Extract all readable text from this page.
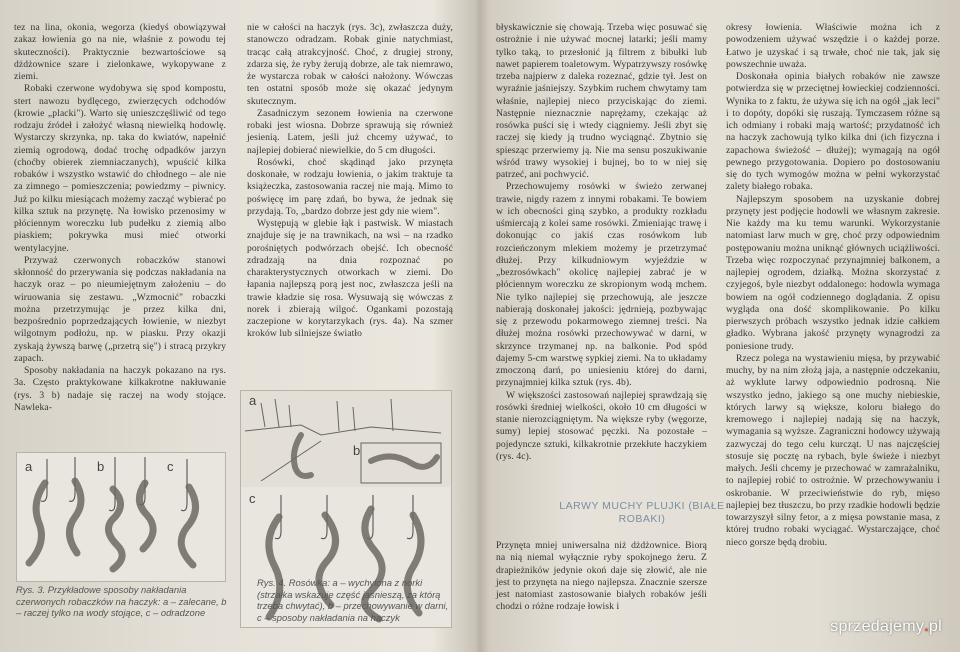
tez na lina, okonia, wegorza (kiedyś obowiązywał zakaz łowienia go na nie, właśnie z powodu tej skuteczności). Praktycznie bezwartościowe są dżdżownice szare i zielonkawe, wykopywane z ziemi.

Robaki czerwone wydobywa się spod kompostu, stert nawozu bydlęcego, zwierzęcych odchodów (krowie „placki"). Warto się unieszczęśliwić od tego rodzaju źródeł i założyć własną niewielką hodowlę. Wystarczy skrzynka, np. taka do kwiatów, napełnić ziemią ogrodową, dodać trochę odpadków jarzyn (choćby obierek ziemniaczanych), wpuścić kilka robaków i wszystko wstawić do chłodnego – ale nie za zimnego – pomieszczenia; powiedzmy – piwnicy. Już po kilku miesiącach możemy zacząć wybierać po kilka sztuk na przynętę. Na łowisko przenosimy w płóciennym woreczku lub pudełku z ziemią albo piaskiem; pokrywka musi mieć otworki wentylacyjne.

Przyważ czerwonych robaczków stanowi skłonność do przerywania się podczas nakładania na haczyk oraz – po nieumiejętnym założeniu – do wiruowania się zestawu. „Wzmocnić" robaczki można przetrzymując je przez kilka dni, bezpośrednio poprzedzających łowienie, w niezbyt wilgotnym podłożu, np. w piasku. Przy okazji zyskają żywszą barwę („przetrą się") i stracą przykry zapach.

Sposoby nakładania na haczyk pokazano na rys. 3a. Często praktykowane kilkakrotne nakłuwanie (rys. 3 b) nadaje się raczej na wody stojące. Nawleka-

a	b	c
Rys. 3. Przykładowe sposoby nakładania czerwonych robaczków na haczyk: a – zalecane, b – raczej tylko na wody stojące, c – odradzone

nie w całości na haczyk (rys. 3c), zwłaszcza duży, stanowczo odradzam. Robak ginie natychmiast, tracąc całą atrakcyjność. Choć, z drugiej strony, zdarza się, że ryby żerują dobrze, ale tak niemrawo, że wystarcza robak w całości nałożony. Wówczas ten ostatni sposób może się okazać jedynym skutecznym.

Zasadniczym sezonem łowienia na czerwone robaki jest wiosna. Dobrze sprawują się również jesienią. Latem, jeśli już chcemy używać, to najlepiej dobierać niewielkie, do 5 cm długości.

Rosówki, choć skądinąd jako przynęta doskonałe, w rodzaju łowienia, o jakim traktuje ta książeczka, zastosowania raczej nie mają. Mimo to poświęcę im parę zdań, bo bywa, że jednak się przydają. To, „bardzo dobrze jest gdy nie wiem".

Występują w glebie łąk i pastwisk. W miastach znajduje się je na trawnikach, na wsi – na rzadko porośniętych podwórzach obejść. Ich obecność zdradzają na dnia rozpoznać po charakterystycznych otworkach w ziemi. Do łapania najlepszą porą jest noc, zwłaszcza jeśli na trawie kładzie się rosa. Wysuwają się wówczas z norek i zbierają wilgoć. Ogankami pozostają zaczepione w korytarzykach (rys. 4a). Na szmer kroków lub silniejsze światło

a
b
c
Rys. 4. Rosówka: a – wychylona z norki (strzałka wskazuje część jasnieszą, za którą trzeba chwytać), b – przechowywanie w darni, c – sposoby nakładania na haczyk

błyskawicznie się chowają. Trzeba więc posuwać się ostrożnie i nie używać mocnej latarki; jeśli mamy tylko taką, to przesłonić ją filtrem z bibułki lub nawet papierem toaletowym. Wypatrzywszy rosówkę trzeba najpierw z daleka rozeznać, gdzie tył. Jest on wyraźnie jaśniejszy. Szybkim ruchem chwytamy tam właśnie, najlepiej nieco przyciskając do ziemi. Następnie nieznacznie naprężamy, czekając aż rosówka puści się i wtedy ciągniemy. Jeśli zbyt się raczej się kiedy ją trudno wyciągnąć. Zbytnio się spiesząc przerwiemy ją. Nie ma sensu poszukiwanie wśród trawy wysokiej i bujnej, bo to w niej się patrzeć, ani pochwycić.

Przechowujemy rosówki w świeżo zerwanej trawie, nigdy razem z innymi robakami. Te bowiem w ich obecności giną szybko, a produkty rozkładu uśmiercają z kolei same rosówki. Zmieniając trawę i dokonując co jakiś czas rosówkom lub rozcieńczonym mlekiem możemy je przetrzymać dłużej. Przy kilkudniowym wyjeździe w „bezrosówkach" okolicę najlepiej zabrać je w płóciennym woreczku ze skropionym wodą mchem. Nie tylko najlepiej się przechowują, ale jeszcze nabierają doskonałej jakości: jędrnieją, pozbywając się z przewodu pokarmowego ziemnej treści. Na dłużej można rosówki przechowywać w darni, w skrzynce trzymanej np. na balkonie. Pod spód dajemy 5-cm warstwę sypkiej ziemi. Na to układamy zmoczoną darń, po uniesieniu której do darni, przynajmniej kilka sztuk (rys. 4b).

W większości zastosowań najlepiej sprawdzają się rosówki średniej wielkości, około 10 cm długości w stanie nierozciągniętym. Na większe ryby (węgorze, sumy) lepiej stosować pęczki. Na pozostałe – pojedyncze sztuki, kilkakrotnie przekłute haczykiem (rys. 4c).

LARWY MUCHY PLUJKI (BIAŁE ROBAKI)

Przynęta mniej uniwersalna niż dżdżownice. Biorą na nią niemal wyłącznie ryby spokojnego żeru. Z drapieżników jedynie okoń daje się złowić, ale nie jest to przynęta na niego najlepsza. Znacznie szersze jest natomiast zastosowanie białych robaków jeśli chodzi o różne rodzaje łowisk i

okresy łowienia. Właściwie można ich z powodzeniem używać wszędzie i o każdej porze. Łatwo je uzyskać i są trwałe, choć nie tak, jak się powszechnie uważa.

Doskonała opinia białych robaków nie zawsze potwierdza się w przeciętnej łowieckiej codzienności. Wynika to z faktu, że używa się ich na ogół „jak leci" i to dopóty, dopóki się ruszają. Tymczasem różne są ich odmiany i robaki mają wartość; przydatność ich na haczyk zachowują tylko kilka dni (ich fizyczna i zapachowa świeżość – dłużej); wymagają na ogół pewnego przygotowania. Dopiero po dostosowaniu się do tych wymogów można w pełni wykorzystać zalety białego robaka.

Najlepszym sposobem na uzyskanie dobrej przynęty jest podjęcie hodowli we własnym zakresie. Nie każdy ma ku temu warunki. Wykorzystanie natomiast larw much w grę, choć przy odpowiednim postępowaniu można uniknąć głównych uciążliwości. Trzeba więc rozpoczynać przynajmniej balkonem, a najlepiej ogrodem, działką. Można skorzystać z czyjegoś, byle niezbyt oddalonego: hodowla wymaga bowiem na ogół codziennego doglądania. Z opisu wygląda ona dość skomplikowanie. Po kilku pierwszych próbach wszystko jednak idzie całkiem gładko. Wybrana jakość przynęty wynagrodzi za poniesione trudy.

Rzecz polega na wystawieniu mięsa, by przywabić muchy, by na nim złożą jaja, a następnie odczekaniu, aż wyklute larwy odpowiednio podrosną. Nie wszystko jedno, jakiego są one muchy niebieskie, których larwy są większe, koloru białego do kremowego i najlepiej nadają się na haczyk, wymagania są wyższe. Zagraniczni hodowcy używają zazwyczaj do tego celu kurcząt. U nas najczęściej stosuje się pocztę na rybach, byle świeże i niezbyt małych. Jeśli chcemy je przechować w zamrażalniku, to najlepiej robić to ostrożnie. W przechowywaniu i oskrobanie. W przeciwieństwie do ryb, mięso najlepiej bez tłuszczu, bo przy rzadkie hodowli będzie towarzyszył silny fetor, a z mięsa powstanie masa, z której trudno robaki wyciągać. Wystarczające, choć nieco gorsze będą drobiu.

sprzedajemy.pl
